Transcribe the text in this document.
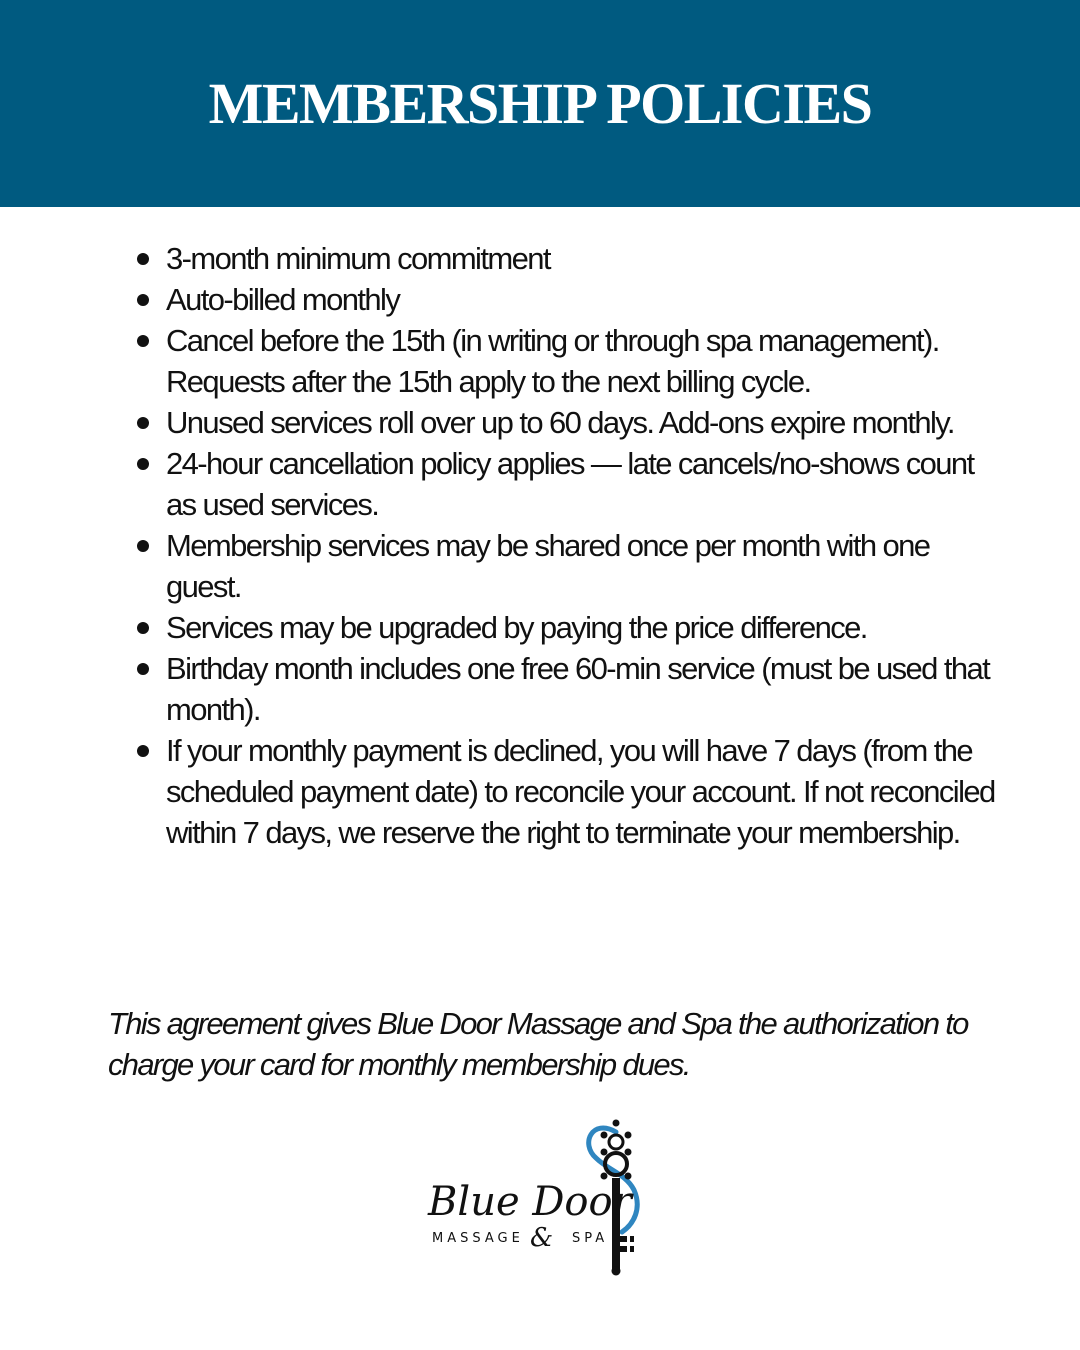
MEMBERSHIP POLICIES
3-month minimum commitment
Auto-billed monthly
Cancel before the 15th (in writing or through spa management). Requests after the 15th apply to the next billing cycle.
Unused services roll over up to 60 days. Add-ons expire monthly.
24-hour cancellation policy applies — late cancels/no-shows count as used services.
Membership services may be shared once per month with one guest.
Services may be upgraded by paying the price difference.
Birthday month includes one free 60-min service (must be used that month).
If your monthly payment is declined, you will have 7 days (from the scheduled payment date) to reconcile your account. If not reconciled within 7 days, we reserve the right to terminate your membership.

This agreement gives Blue Door Massage and Spa the authorization to charge your card for monthly membership dues.

Blue Door
MASSAGE & SPA
